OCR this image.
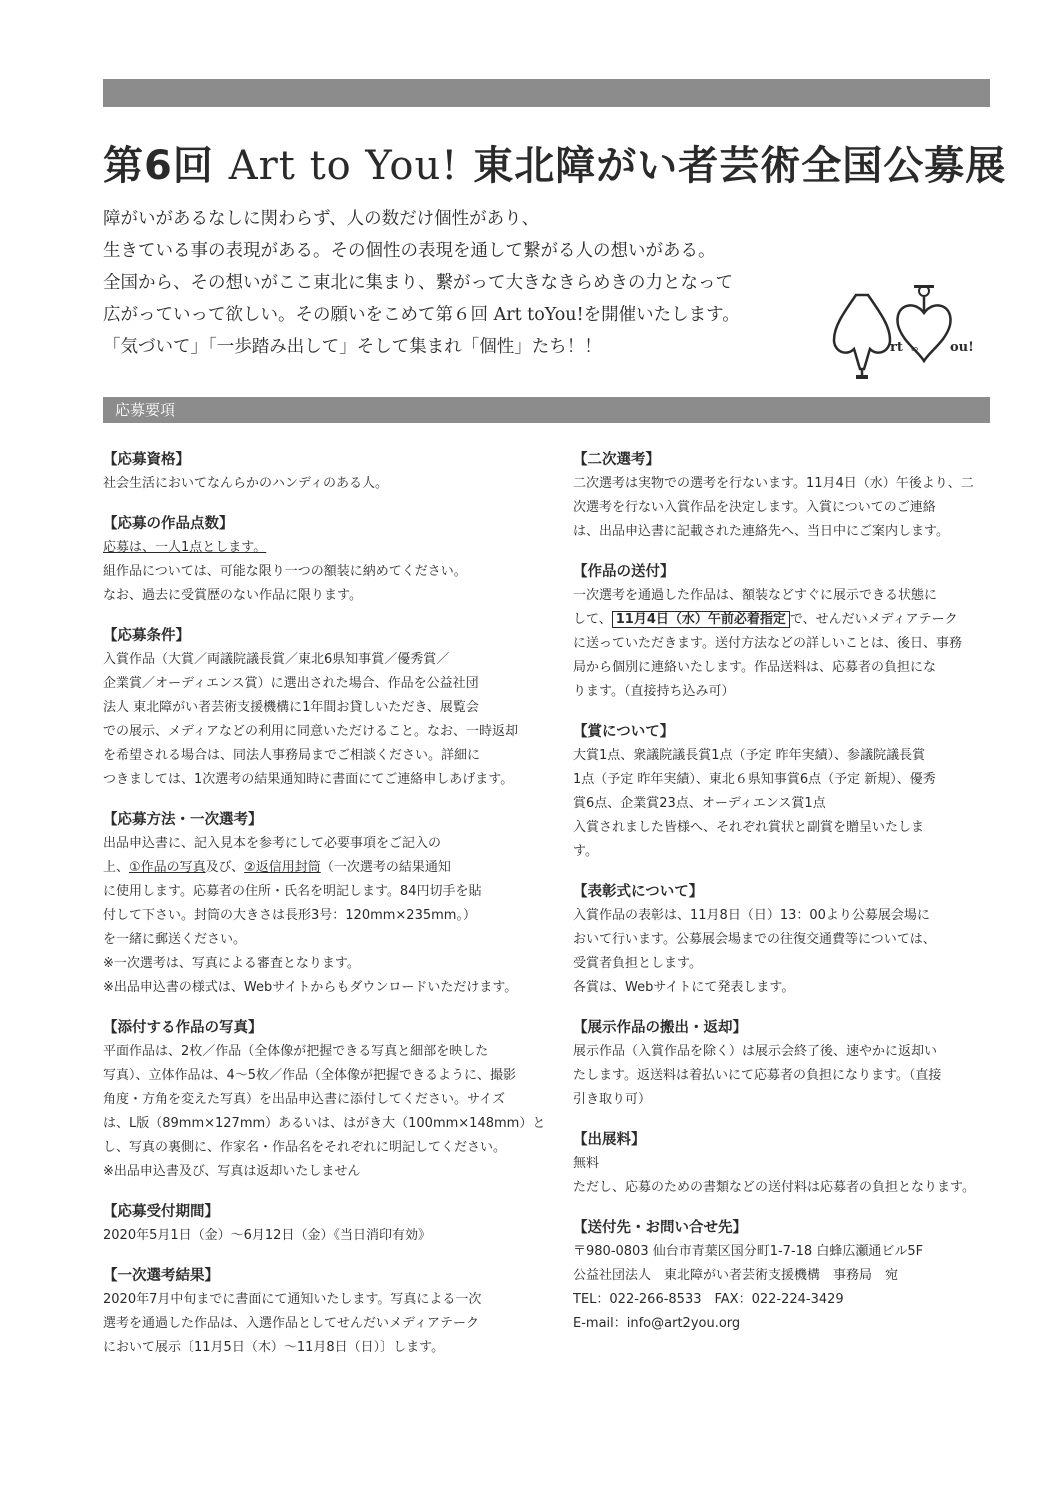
第6回 Art to You! 東北障がい者芸術全国公募展

障がいがあるなしに関わらず、人の数だけ個性があり、

生きている事の表現がある。その個性の表現を通して繋がる人の想いがある。

全国から、その想いがここ東北に集まり、繋がって大きなきらめきの力となって

広がっていって欲しい。その願いをこめて第６回 Art toYou!を開催いたします。

「気づいて」「一歩踏み出して」そして集まれ「個性」たち！！	rt to ou!
応募要項
【応募資格】

社会生活においてなんらかのハンディのある人。

【応募の作品点数】

応募は、一人1点とします。

組作品については、可能な限り一つの額装に納めてください。

なお、過去に受賞歴のない作品に限ります。

【応募条件】

入賞作品（大賞／両議院議長賞／東北6県知事賞／優秀賞／

企業賞／オーディエンス賞）に選出された場合、作品を公益社団

法人 東北障がい者芸術支援機構に1年間お貸しいただき、展覧会

での展示、メディアなどの利用に同意いただけること。なお、一時返却

を希望される場合は、同法人事務局までご相談ください。詳細に

つきましては、1次選考の結果通知時に書面にてご連絡申しあげます。

【応募方法・一次選考】

出品申込書に、記入見本を参考にして必要事項をご記入の

上、①作品の写真及び、②返信用封筒（一次選考の結果通知

に使用します。応募者の住所・氏名を明記します。84円切手を貼

付して下さい。封筒の大きさは長形3号：120mm×235mm。）

を一緒に郵送ください。

※一次選考は、写真による審査となります。

※出品申込書の様式は、Webサイトからもダウンロードいただけます。

【添付する作品の写真】

平面作品は、2枚／作品（全体像が把握できる写真と細部を映した

写真）、立体作品は、4〜5枚／作品（全体像が把握できるように、撮影

角度・方角を変えた写真）を出品申込書に添付してください。サイズ

は、L版（89mm×127mm）あるいは、はがき大（100mm×148mm）と

し、写真の裏側に、作家名・作品名をそれぞれに明記してください。

※出品申込書及び、写真は返却いたしません

【応募受付期間】

2020年5月1日（金）〜6月12日（金）《当日消印有効》

【一次選考結果】

2020年7月中旬までに書面にて通知いたします。写真による一次

選考を通過した作品は、入選作品としてせんだいメディアテーク

において展示〔11月5日（木）〜11月8日（日）〕します。

【二次選考】

二次選考は実物での選考を行ないます。11月4日（水）午後より、二

次選考を行ない入賞作品を決定します。入賞についてのご連絡

は、出品申込書に記載された連絡先へ、当日中にご案内します。

【作品の送付】

一次選考を通過した作品は、額装などすぐに展示できる状態に

して、 11月4日（水）午前必着指定 で、せんだいメディアテーク

に送っていただきます。送付方法などの詳しいことは、後日、事務

局から個別に連絡いたします。作品送料は、応募者の負担にな

ります。（直接持ち込み可）

【賞について】

大賞1点、衆議院議長賞1点（予定 昨年実績）、参議院議長賞

1点（予定 昨年実績）、東北６県知事賞6点（予定 新規）、優秀

賞6点、企業賞23点、オーディエンス賞1点

入賞されました皆様へ、それぞれ賞状と副賞を贈呈いたしま

す。

【表彰式について】

入賞作品の表彰は、11月8日（日）13：00より公募展会場に

おいて行います。公募展会場までの往復交通費等については、

受賞者負担とします。

各賞は、Webサイトにて発表します。

【展示作品の搬出・返却】

展示作品（入賞作品を除く）は展示会終了後、速やかに返却い

たします。返送料は着払いにて応募者の負担になります。（直接

引き取り可）

【出展料】

無料

ただし、応募のための書類などの送付料は応募者の負担となります。

【送付先・お問い合せ先】

〒980-0803 仙台市青葉区国分町1-7-18 白蜂広瀬通ビル5F

公益社団法人　東北障がい者芸術支援機構　事務局　宛

TEL：022-266-8533　FAX：022-224-3429

E-mail：info@art2you.org
